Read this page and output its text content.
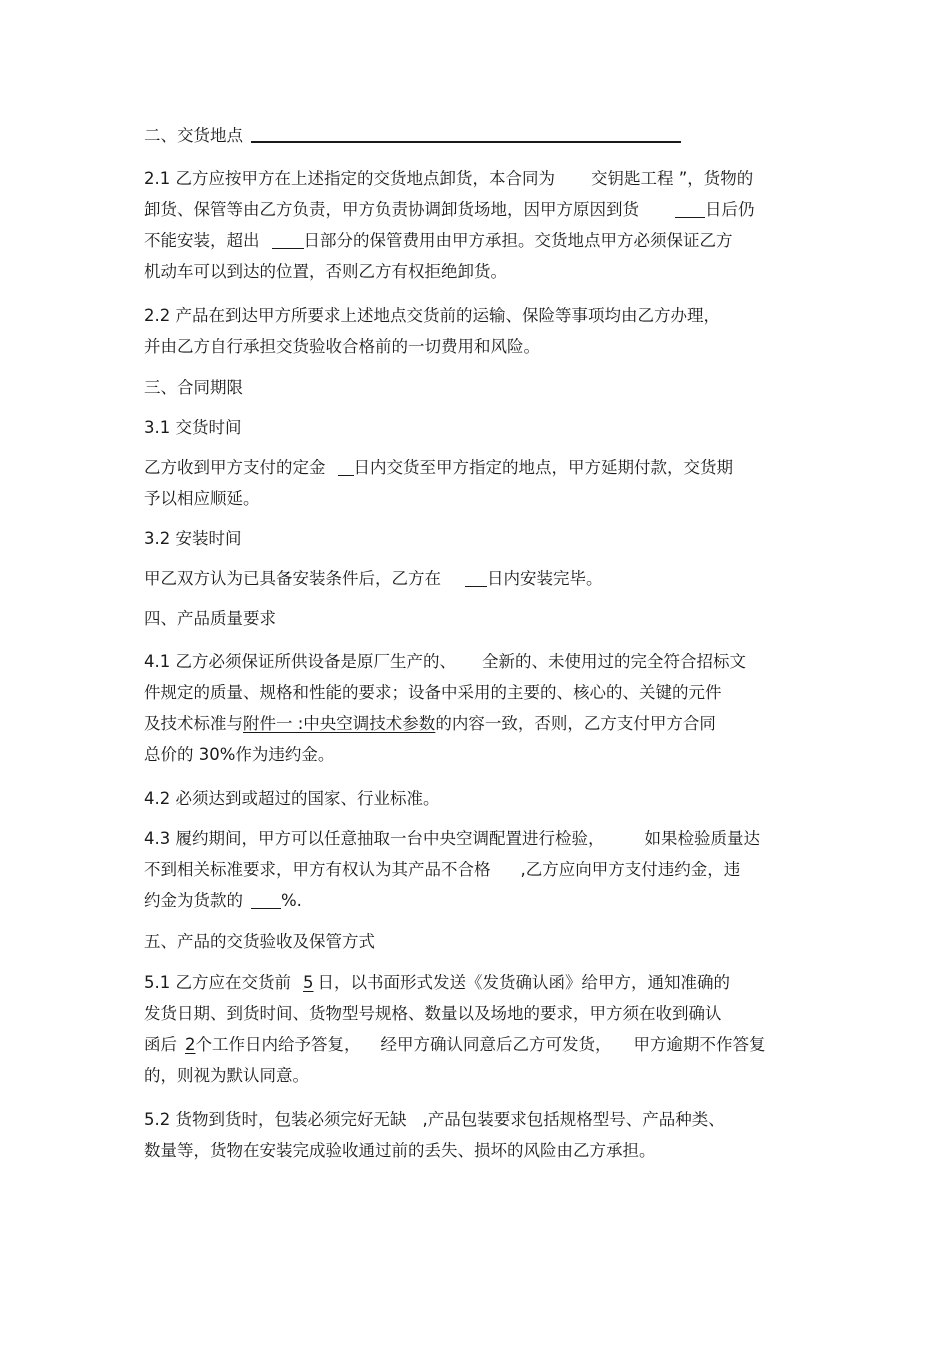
二、交货地点
2.1 乙方应按甲方在上述指定的交货地点卸货，本合同为 交钥匙工程 ”，货物的
卸货、保管等由乙方负责，甲方负责协调卸货场地，因甲方原因到货	日后仍
不能安装，超出	日部分的保管费用由甲方承担。交货地点甲方必须保证乙方
机动车可以到达的位置，否则乙方有权拒绝卸货。
2.2 产品在到达甲方所要求上述地点交货前的运输、保险等事项均由乙方办理，
并由乙方自行承担交货验收合格前的一切费用和风险。
三、合同期限
3.1 交货时间
乙方收到甲方支付的定金 日内交货至甲方指定的地点，甲方延期付款，交货期
予以相应顺延。
3.2 安装时间
甲乙双方认为已具备安装条件后，乙方在	日内安装完毕。
四、产品质量要求
4.1 乙方必须保证所供设备是原厂生产的、 全新的、未使用过的完全符合招标文
件规定的质量、规格和性能的要求；设备中采用的主要的、核心的、关键的元件
及技术标准与附件一 :中央空调技术参数的内容一致，否则，乙方支付甲方合同
总价的 30%作为违约金。
4.2 必须达到或超过的国家、行业标准。
4.3 履约期间，甲方可以任意抽取一台中央空调配置进行检验， 如果检验质量达
不到相关标准要求，甲方有权认为其产品不合格 ,乙方应向甲方支付违约金，违
约金为货款的 %.
五、产品的交货验收及保管方式
5.1 乙方应在交货前 5 日，以书面形式发送《发货确认函》给甲方，通知准确的
发货日期、到货时间、货物型号规格、数量以及场地的要求，甲方须在收到确认
函后 2个工作日内给予答复， 经甲方确认同意后乙方可发货， 甲方逾期不作答复
的，则视为默认同意。
5.2 货物到货时，包装必须完好无缺 ,产品包装要求包括规格型号、产品种类、
数量等，货物在安装完成验收通过前的丢失、损坏的风险由乙方承担。
